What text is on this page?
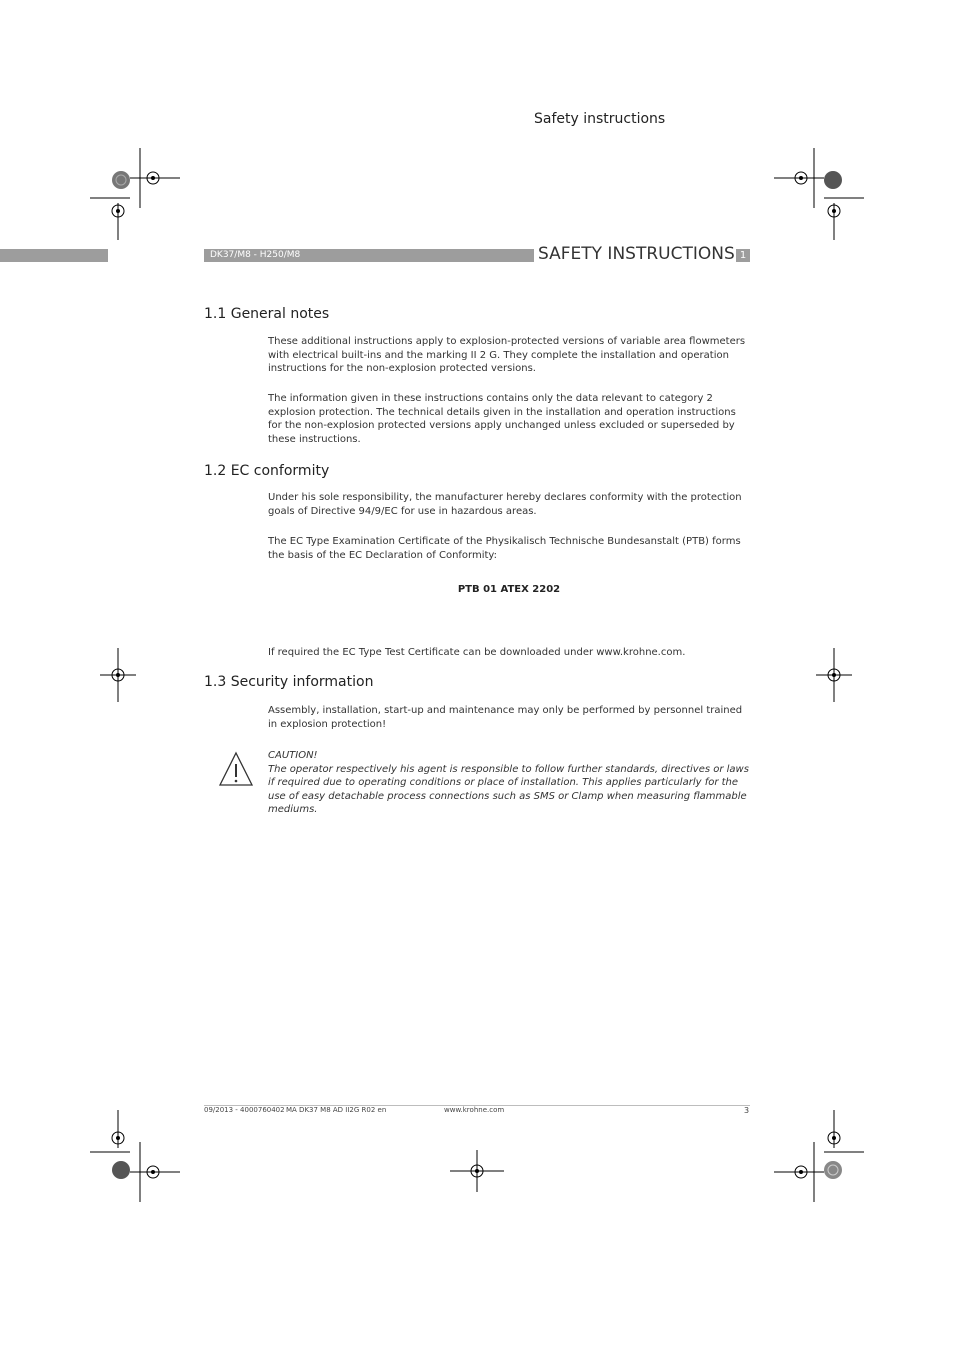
Safety instructions
DK37/M8 - H250/M8	SAFETY INSTRUCTIONS 1
1.1 General notes

These additional instructions apply to explosion-protected versions of variable area flowmeters with electrical built-ins and the marking II 2 G. They complete the installation and operation instructions for the non-explosion protected versions.

The information given in these instructions contains only the data relevant to category 2 explosion protection. The technical details given in the installation and operation instructions for the non-explosion protected versions apply unchanged unless excluded or superseded by these instructions.

1.2 EC conformity

Under his sole responsibility, the manufacturer hereby declares conformity with the protection goals of Directive 94/9/EC for use in hazardous areas.

The EC Type Examination Certificate of the Physikalisch Technische Bundesanstalt (PTB) forms the basis of the EC Declaration of Conformity:

PTB 01 ATEX 2202

If required the EC Type Test Certificate can be downloaded under www.krohne.com.

1.3 Security information

Assembly, installation, start-up and maintenance may only be performed by personnel trained in explosion protection!

CAUTION!
The operator respectively his agent is responsible to follow further standards, directives or laws if required due to operating conditions or place of installation. This applies particularly for the use of easy detachable process connections such as SMS or Clamp when measuring flammable mediums.
09/2013 - 4000760402 MA DK37 M8 AD II2G R02 en	www.krohne.com	3
